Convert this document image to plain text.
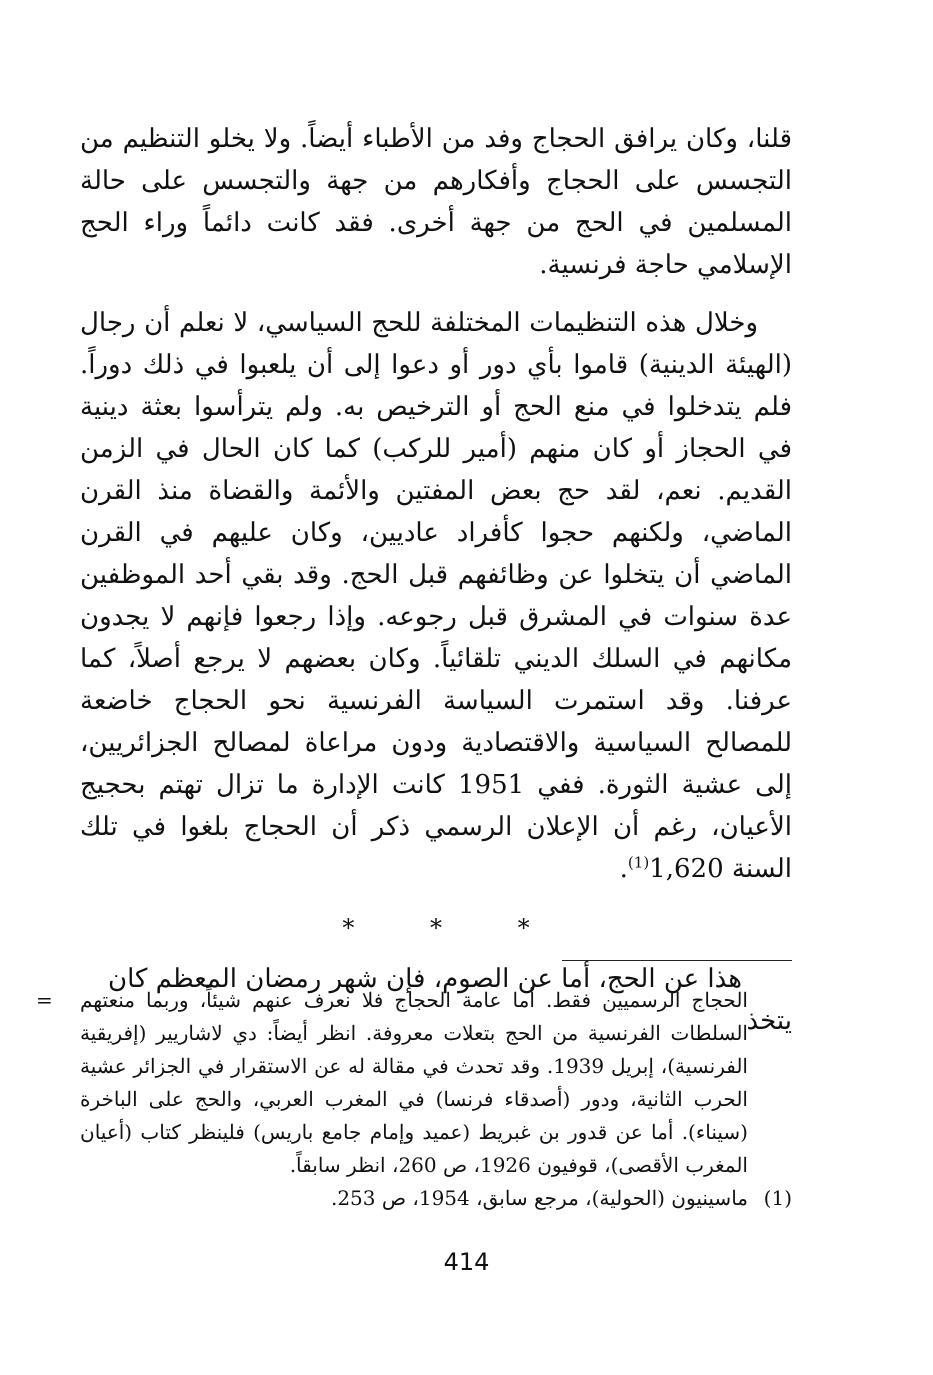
قلنا، وكان يرافق الحجاج وفد من الأطباء أيضاً. ولا يخلو التنظيم من التجسس على الحجاج وأفكارهم من جهة والتجسس على حالة المسلمين في الحج من جهة أخرى. فقد كانت دائماً وراء الحج الإسلامي حاجة فرنسية.

وخلال هذه التنظيمات المختلفة للحج السياسي، لا نعلم أن رجال (الهيئة الدينية) قاموا بأي دور أو دعوا إلى أن يلعبوا في ذلك دوراً. فلم يتدخلوا في منع الحج أو الترخيص به. ولم يترأسوا بعثة دينية في الحجاز أو كان منهم (أمير للركب) كما كان الحال في الزمن القديم. نعم، لقد حج بعض المفتين والأئمة والقضاة منذ القرن الماضي، ولكنهم حجوا كأفراد عاديين، وكان عليهم في القرن الماضي أن يتخلوا عن وظائفهم قبل الحج. وقد بقي أحد الموظفين عدة سنوات في المشرق قبل رجوعه. وإذا رجعوا فإنهم لا يجدون مكانهم في السلك الديني تلقائياً. وكان بعضهم لا يرجع أصلاً، كما عرفنا. وقد استمرت السياسة الفرنسية نحو الحجاج خاضعة للمصالح السياسية والاقتصادية ودون مراعاة لمصالح الجزائريين، إلى عشية الثورة. ففي 1951 كانت الإدارة ما تزال تهتم بحجيج الأعيان، رغم أن الإعلان الرسمي ذكر أن الحجاج بلغوا في تلك السنة 1,620$^{(1)}$.

*	*	*

هذا عن الحج، أما عن الصوم، فإن شهر رمضان المعظم كان يتخذ

= الحجاج الرسميين فقط. أما عامة الحجاج فلا نعرف عنهم شيئاً، وربما منعتهم السلطات الفرنسية من الحج بتعلات معروفة. انظر أيضاً: دي لاشاريير (إفريقية الفرنسية)، إبريل 1939. وقد تحدث في مقالة له عن الاستقرار في الجزائر عشية الحرب الثانية، ودور (أصدقاء فرنسا) في المغرب العربي، والحج على الباخرة (سيناء). أما عن قدور بن غبريط (عميد وإمام جامع باريس) فلينظر كتاب (أعيان المغرب الأقصى)، قوفيون 1926، ص 260، انظر سابقاً.
(1)
ماسينيون (الحولية)، مرجع سابق، 1954، ص 253.
414
